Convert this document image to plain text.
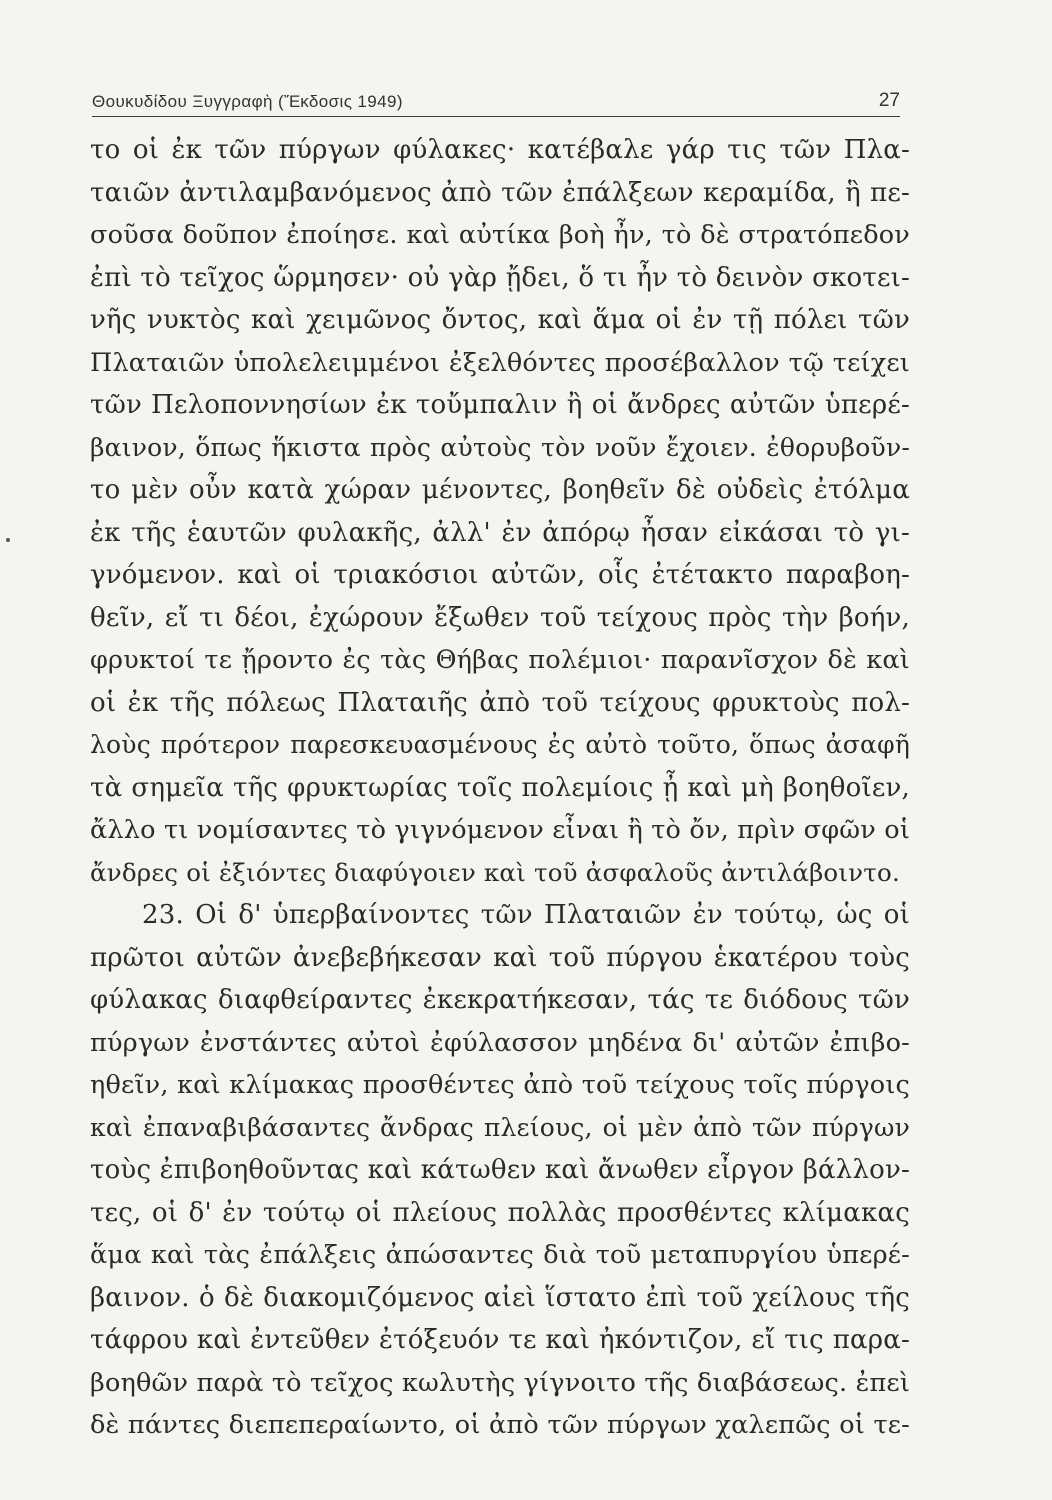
Θουκυδίδου Ξυγγραφὴ (Ἔκδοσις 1949)	27
το οἱ ἐκ τῶν πύργων φύλακες· κατέβαλε γάρ τις τῶν Πλα-
ταιῶν ἀντιλαμβανόμενος ἀπὸ τῶν ἐπάλξεων κεραμίδα, ἣ πε-
σοῦσα δοῦπον ἐποίησε. καὶ αὐτίκα βοὴ ἦν, τὸ δὲ στρατόπεδον
ἐπὶ τὸ τεῖχος ὥρμησεν· οὐ γὰρ ᾔδει, ὅ τι ἦν τὸ δεινὸν σκοτει-
νῆς νυκτὸς καὶ χειμῶνος ὄντος, καὶ ἅμα οἱ ἐν τῇ πόλει τῶν
Πλαταιῶν ὑπολελειμμένοι ἐξελθόντες προσέβαλλον τῷ τείχει
τῶν Πελοποννησίων ἐκ τοὔμπαλιν ἢ οἱ ἄνδρες αὐτῶν ὑπερέ-
βαινον, ὅπως ἥκιστα πρὸς αὐτοὺς τὸν νοῦν ἔχοιεν. ἐθορυβοῦν-
το μὲν οὖν κατὰ χώραν μένοντες, βοηθεῖν δὲ οὐδεὶς ἐτόλμα
ἐκ τῆς ἑαυτῶν φυλακῆς, ἀλλ' ἐν ἀπόρῳ ἦσαν εἰκάσαι τὸ γι-
γνόμενον. καὶ οἱ τριακόσιοι αὐτῶν, οἷς ἐτέτακτο παραβοη-
θεῖν, εἴ τι δέοι, ἐχώρουν ἔξωθεν τοῦ τείχους πρὸς τὴν βοήν,
φρυκτοί τε ᾔροντο ἐς τὰς Θήβας πολέμιοι· παρανῖσχον δὲ καὶ
οἱ ἐκ τῆς πόλεως Πλαταιῆς ἀπὸ τοῦ τείχους φρυκτοὺς πολ-
λοὺς πρότερον παρεσκευασμένους ἐς αὐτὸ τοῦτο, ὅπως ἀσαφῆ
τὰ σημεῖα τῆς φρυκτωρίας τοῖς πολεμίοις ᾖ καὶ μὴ βοηθοῖεν,
ἄλλο τι νομίσαντες τὸ γιγνόμενον εἶναι ἢ τὸ ὄν, πρὶν σφῶν οἱ
ἄνδρες οἱ ἐξιόντες διαφύγοιεν καὶ τοῦ ἀσφαλοῦς ἀντιλάβοιντο.
23. Οἱ δ' ὑπερβαίνοντες τῶν Πλαταιῶν ἐν τούτῳ, ὡς οἱ
πρῶτοι αὐτῶν ἀνεβεβήκεσαν καὶ τοῦ πύργου ἑκατέρου τοὺς
φύλακας διαφθείραντες ἐκεκρατήκεσαν, τάς τε διόδους τῶν
πύργων ἐνστάντες αὐτοὶ ἐφύλασσον μηδένα δι' αὐτῶν ἐπιβο-
ηθεῖν, καὶ κλίμακας προσθέντες ἀπὸ τοῦ τείχους τοῖς πύργοις
καὶ ἐπαναβιβάσαντες ἄνδρας πλείους, οἱ μὲν ἀπὸ τῶν πύργων
τοὺς ἐπιβοηθοῦντας καὶ κάτωθεν καὶ ἄνωθεν εἶργον βάλλον-
τες, οἱ δ' ἐν τούτῳ οἱ πλείους πολλὰς προσθέντες κλίμακας
ἅμα καὶ τὰς ἐπάλξεις ἀπώσαντες διὰ τοῦ μεταπυργίου ὑπερέ-
βαινον. ὁ δὲ διακομιζόμενος αἰεὶ ἵστατο ἐπὶ τοῦ χείλους τῆς
τάφρου καὶ ἐντεῦθεν ἐτόξευόν τε καὶ ἠκόντιζον, εἴ τις παρα-
βοηθῶν παρὰ τὸ τεῖχος κωλυτὴς γίγνοιτο τῆς διαβάσεως. ἐπεὶ
δὲ πάντες διεπεπεραίωντο, οἱ ἀπὸ τῶν πύργων χαλεπῶς οἱ τε-
